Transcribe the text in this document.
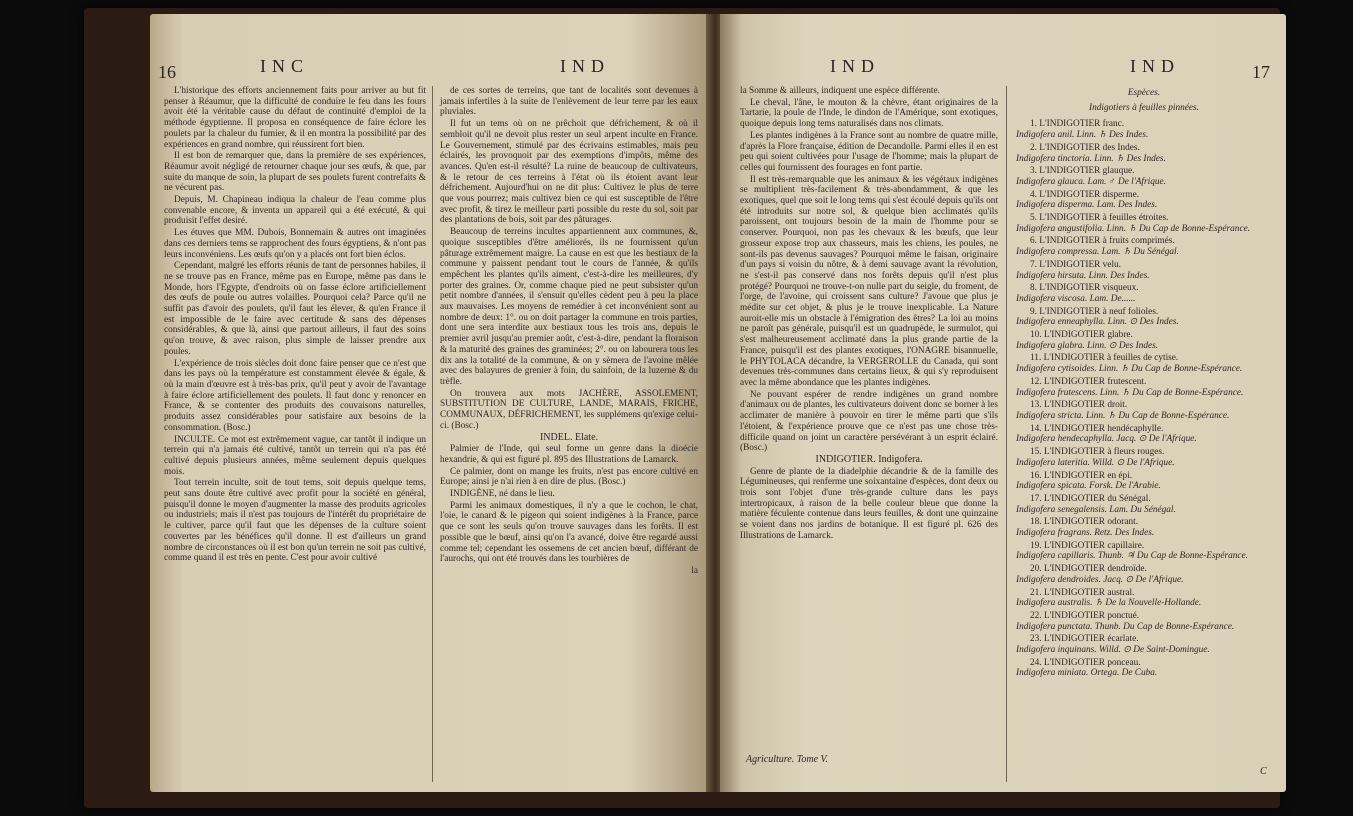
16	INC	IND

L'historique des efforts anciennement faits pour arriver au but fit penser à Réaumur, que la difficulté de conduire le feu dans les fours avoit été la véritable cause du défaut de continuité d'emploi de la méthode égyptienne. Il proposa en conséquence de faire éclore les poulets par la chaleur du fumier, & il en montra la possibilité par des expériences en grand nombre, qui réussirent fort bien.

Il est bon de remarquer que, dans la première de ses expériences, Réaumur avoit négligé de retourner chaque jour ses œufs, & que, par suite du manque de soin, la plupart de ses poulets furent contrefaits & ne vécurent pas.

Depuis, M. Chapineau indiqua la chaleur de l'eau comme plus convenable encore, & inventa un appareil qui a été exécuté, & qui produisit l'effet desiré.

Les étuves que MM. Dubois, Bonnemain & autres ont imaginées dans ces derniers tems se rapprochent des fours égyptiens, & n'ont pas leurs inconvéniens. Les œufs qu'on y a placés ont fort bien éclos.

Cependant, malgré les efforts réunis de tant de personnes habiles, il ne se trouve pas en France, même pas en Europe, même pas dans le Monde, hors l'Egypte, d'endroits où on fasse éclore artificiellement des œufs de poule ou autres volailles. Pourquoi cela? Parce qu'il ne suffit pas d'avoir des poulets, qu'il faut les élever, & qu'en France il est impossible de le faire avec certitude & sans des dépenses considérables, & que là, ainsi que partout ailleurs, il faut des soins qu'on trouve, & avec raison, plus simple de laisser prendre aux poules.

L'expérience de trois siècles doit donc faire penser que ce n'est que dans les pays où la température est constamment élevée & égale, & où la main d'œuvre est à très-bas prix, qu'il peut y avoir de l'avantage à faire éclore artificiellement des poulets. Il faut donc y renoncer en France, & se contenter des produits des couvaisons naturelles, produits assez considérables pour satisfaire aux besoins de la consommation. (Bosc.)

INCULTE. Ce mot est extrêmement vague, car tantôt il indique un terrein qui n'a jamais été cultivé, tantôt un terrein qui n'a pas été cultivé depuis plusieurs années, même seulement depuis quelques mois.

Tout terrein inculte, soit de tout tems, soit depuis quelque tems, peut sans doute être cultivé avec profit pour la société en général, puisqu'il donne le moyen d'augmenter la masse des produits agricoles ou industriels; mais il n'est pas toujours de l'intérêt du propriétaire de le cultiver, parce qu'il faut que les dépenses de la culture soient couvertes par les bénéfices qu'il donne. Il est d'ailleurs un grand nombre de circonstances où il est bon qu'un terrein ne soit pas cultivé, comme quand il est très en pente. C'est pour avoir cultivé

de ces sortes de terreins, que tant de localités sont devenues à jamais infertiles à la suite de l'enlèvement de leur terre par les eaux pluviales.

Il fut un tems où on ne prêchoit que défrichement, & où il sembloit qu'il ne devoit plus rester un seul arpent inculte en France. Le Gouvernement, stimulé par des écrivains estimables, mais peu éclairés, les provoquoit par des exemptions d'impôts, même des avances. Qu'en est-il résulté? La ruine de beaucoup de cultivateurs, & le retour de ces terreins à l'état où ils étoient avant leur défrichement. Aujourd'hui on ne dit plus: Cultivez le plus de terre que vous pourrez; mais cultivez bien ce qui est susceptible de l'être avec profit, & tirez le meilleur parti possible du reste du sol, soit par des plantations de bois, soit par des pâturages.

Beaucoup de terreins incultes appartiennent aux communes, &, quoique susceptibles d'être améliorés, ils ne fournissent qu'un pâturage extrêmement maigre. La cause en est que les bestiaux de la commune y paissent pendant tout le cours de l'année, & qu'ils empêchent les plantes qu'ils aiment, c'est-à-dire les meilleures, d'y porter des graines. Or, comme chaque pied ne peut subsister qu'un petit nombre d'années, il s'ensuit qu'elles cèdent peu à peu la place aux mauvaises. Les moyens de remédier à cet inconvénient sont au nombre de deux: 1°. ou on doit partager la commune en trois parties, dont une sera interdite aux bestiaux tous les trois ans, depuis le premier avril jusqu'au premier août, c'est-à-dire, pendant la floraison & la maturité des graines des graminées; 2°. ou on labourera tous les dix ans la totalité de la commune, & on y sèmera de l'avoine mêlée avec des balayures de grenier à foin, du sainfoin, de la luzerne & du trèfle.

On trouvera aux mots JACHÈRE, ASSOLEMENT, SUBSTITUTION DE CULTURE, LANDE, MARAIS, FRICHE, COMMUNAUX, DÉFRICHEMENT, les supplémens qu'exige celui-ci. (Bosc.)

INDEL. Elate.

Palmier de l'Inde, qui seul forme un genre dans la dioécie hexandrie, & qui est figuré pl. 895 des Illustrations de Lamarck.

Ce palmier, dont on mange les fruits, n'est pas encore cultivé en Europe; ainsi je n'ai rien à en dire de plus. (Bosc.)

INDIGÈNE, né dans le lieu.

Parmi les animaux domestiques, il n'y a que le cochon, le chat, l'oie, le canard & le pigeon qui soient indigènes à la France, parce que ce sont les seuls qu'on trouve sauvages dans les forêts. Il est possible que le bœuf, ainsi qu'on l'a avancé, doive être regardé aussi comme tel; cependant les ossemens de cet ancien bœuf, différant de l'aurochs, qui ont été trouvés dans les tourbières de

la

IND	IND	17

la Somme & ailleurs, indiquent une espèce différente.

Le cheval, l'âne, le mouton & la chèvre, étant originaires de la Tartarie, la poule de l'Inde, le dindon de l'Amérique, sont exotiques, quoique depuis long tems naturalisés dans nos climats.

Les plantes indigènes à la France sont au nombre de quatre mille, d'après la Flore française, édition de Decandolle. Parmi elles il en est peu qui soient cultivées pour l'usage de l'homme; mais la plupart de celles qui fournissent des fourages en font partie.

Il est très-remarquable que les animaux & les végétaux indigènes se multiplient très-facilement & très-abondamment, & que les exotiques, quel que soit le long tems qui s'est écoulé depuis qu'ils ont été introduits sur notre sol, & quelque bien acclimatés qu'ils paroissent, ont toujours besoin de la main de l'homme pour se conserver. Pourquoi, non pas les chevaux & les bœufs, que leur grosseur expose trop aux chasseurs, mais les chiens, les poules, ne sont-ils pas devenus sauvages? Pourquoi même le faisan, originaire d'un pays si voisin du nôtre, & à demi sauvage avant la révolution, ne s'est-il pas conservé dans nos forêts depuis qu'il n'est plus protégé? Pourquoi ne trouve-t-on nulle part du seigle, du froment, de l'orge, de l'avoine, qui croissent sans culture? J'avoue que plus je médite sur cet objet, & plus je le trouve inexplicable. La Nature auroit-elle mis un obstacle à l'émigration des êtres? La loi au moins ne paroît pas générale, puisqu'il est un quadrupède, le surmulot, qui s'est malheureusement acclimaté dans la plus grande partie de la France, puisqu'il est des plantes exotiques, l'ONAGRE bisannuelle, le PHYTOLACA décandre, la VERGEROLLE du Canada, qui sont devenues très-communes dans certains lieux, & qui s'y reproduisent avec la même abondance que les plantes indigènes.

Ne pouvant espérer de rendre indigènes un grand nombre d'animaux ou de plantes, les cultivateurs doivent donc se borner à les acclimater de manière à pouvoir en tirer le même parti que s'ils l'étoient, & l'expérience prouve que ce n'est pas une chose très-difficile quand on joint un caractère persévérant à un esprit éclairé. (Bosc.)

INDIGOTIER. Indigofera.

Genre de plante de la diadelphie décandrie & de la famille des Légumineuses, qui renferme une soixantaine d'espèces, dont deux ou trois sont l'objet d'une très-grande culture dans les pays intertropicaux, à raison de la belle couleur bleue que donne la matière féculente contenue dans leurs feuilles, & dont une quinzaine se voient dans nos jardins de botanique. Il est figuré pl. 626 des Illustrations de Lamarck.

Agriculture. Tome V.

Espèces.

Indigotiers à feuilles pinnées.

1. L'INDIGOTIER franc.

Indigofera anil. Linn. ♄ Des Indes.

2. L'INDIGOTIER des Indes.

Indigofera tinctoria. Linn. ♄ Des Indes.

3. L'INDIGOTIER glauque.

Indigofera glauca. Lam. ♂ De l'Afrique.

4. L'INDIGOTIER disperme.

Indigofera disperma. Lam. Des Indes.

5. L'INDIGOTIER à feuilles étroites.

Indigofera angustifolia. Linn. ♄ Du Cap de Bonne-Espérance.

6. L'INDIGOTIER à fruits comprimés.

Indigofera compressa. Lam. ♄ Du Sénégal.

7. L'INDIGOTIER velu.

Indigofera hirsuta. Linn. Des Indes.

8. L'INDIGOTIER visqueux.

Indigofera viscosa. Lam. De......

9. L'INDIGOTIER à neuf folioles.

Indigofera enneaphylla. Linn. ⊙ Des Indes.

10. L'INDIGOTIER glabre.

Indigofera glabra. Linn. ⊙ Des Indes.

11. L'INDIGOTIER à feuilles de cytise.

Indigofera cytisoides. Linn. ♄ Du Cap de Bonne-Espérance.

12. L'INDIGOTIER frutescent.

Indigofera frutescens. Linn. ♄ Du Cap de Bonne-Espérance.

13. L'INDIGOTIER droit.

Indigofera stricta. Linn. ♄ Du Cap de Bonne-Espérance.

14. L'INDIGOTIER hendécaphylle.

Indigofera hendecaphylla. Jacq. ⊙ De l'Afrique.

15. L'INDIGOTIER à fleurs rouges.

Indigofera lateritia. Willd. ⊙ De l'Afrique.

16. L'INDIGOTIER en épi.

Indigofera spicata. Forsk. De l'Arabie.

17. L'INDIGOTIER du Sénégal.

Indigofera senegalensis. Lam. Du Sénégal.

18. L'INDIGOTIER odorant.

Indigofera fragrans. Retz. Des Indes.

19. L'INDIGOTIER capillaire.

Indigofera capillaris. Thunb. ♃ Du Cap de Bonne-Espérance.

20. L'INDIGOTIER dendroïde.

Indigofera dendroides. Jacq. ⊙ De l'Afrique.

21. L'INDIGOTIER austral.

Indigofera australis. ♄ De la Nouvelle-Hollande.

22. L'INDIGOTIER ponctué.

Indigofera punctata. Thunb. Du Cap de Bonne-Espérance.

23. L'INDIGOTIER écarlate.

Indigofera inquinans. Willd. ⊙ De Saint-Domingue.

24. L'INDIGOTIER ponceau.

Indigofera miniata. Ortega. De Cuba.

C
